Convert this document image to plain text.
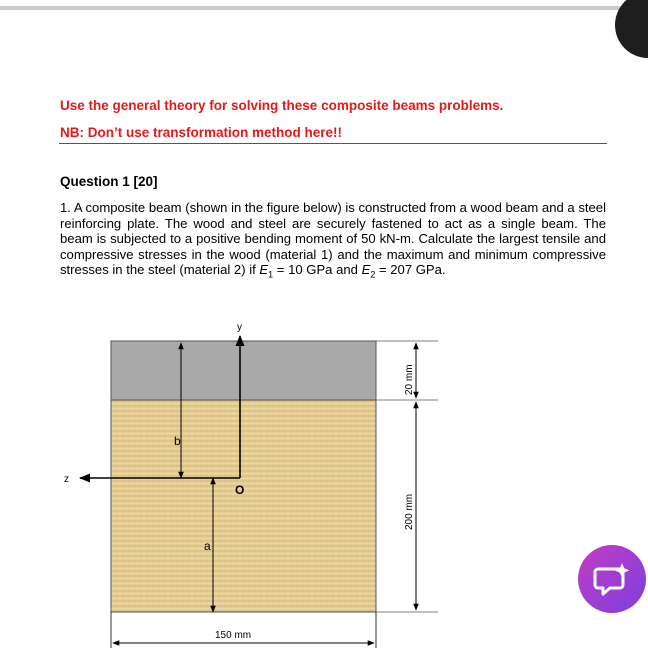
Use the general theory for solving these composite beams problems.
NB: Don’t use transformation method here!!
Question 1 [20]
1. A composite beam (shown in the figure below) is constructed from a wood beam and a steel reinforcing plate. The wood and steel are securely fastened to act as a single beam. The beam is subjected to a positive bending moment of 50 kN-m. Calculate the largest tensile and compressive stresses in the wood (material 1) and the maximum and minimum compressive stresses in the steel (material 2) if $E_1 = 10$ GPa and $E_2 = 207$ GPa.
y
z
O
b
a
150 mm
20 mm
200 mm
